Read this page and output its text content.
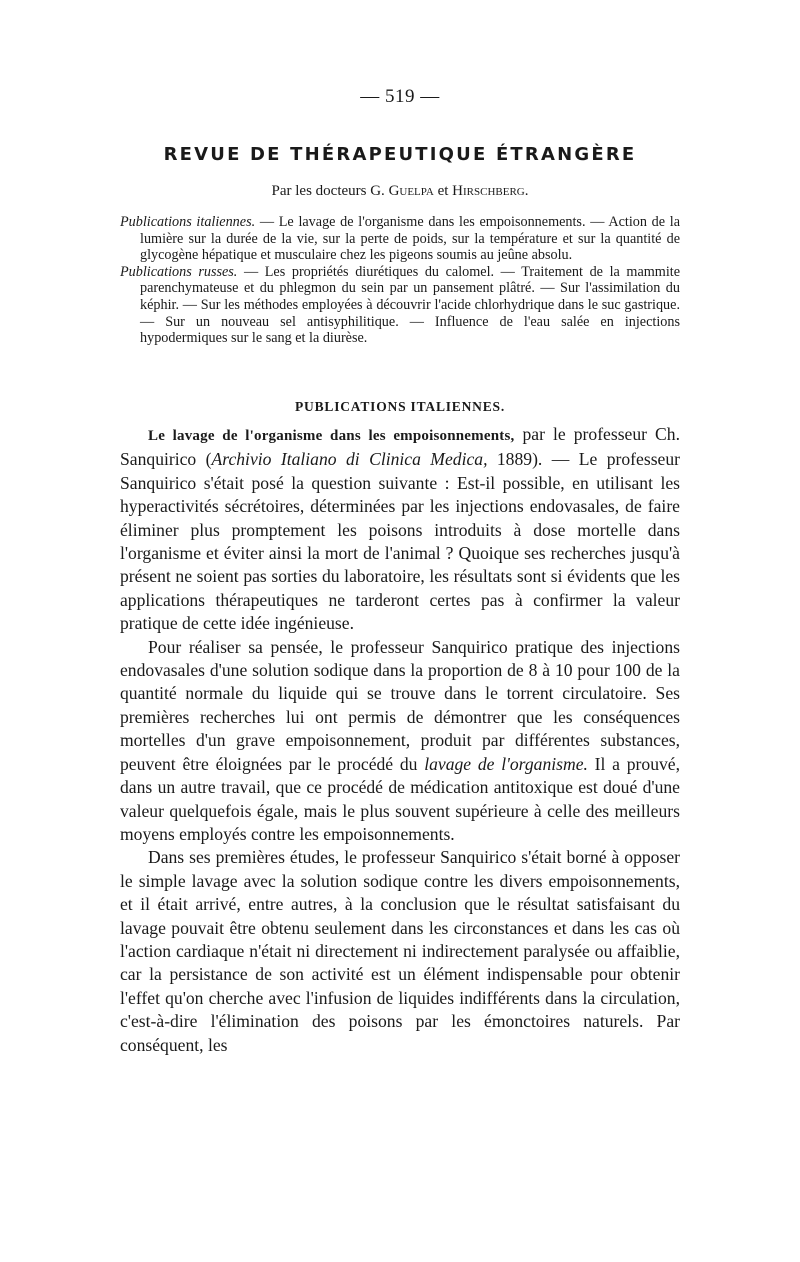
— 519 —
REVUE DE THÉRAPEUTIQUE ÉTRANGÈRE
Par les docteurs G. Guelpa et Hirschberg.

Publications italiennes. — Le lavage de l'organisme dans les empoisonnements. — Action de la lumière sur la durée de la vie, sur la perte de poids, sur la température et sur la quantité de glycogène hépatique et musculaire chez les pigeons soumis au jeûne absolu.

Publications russes. — Les propriétés diurétiques du calomel. — Traitement de la mammite parenchymateuse et du phlegmon du sein par un pansement plâtré. — Sur l'assimilation du képhir. — Sur les méthodes employées à découvrir l'acide chlorhydrique dans le suc gastrique. — Sur un nouveau sel antisyphilitique. — Influence de l'eau salée en injections hypodermiques sur le sang et la diurèse.

PUBLICATIONS ITALIENNES.

Le lavage de l'organisme dans les empoisonnements, par le professeur Ch. Sanquirico (Archivio Italiano di Clinica Medica, 1889). — Le professeur Sanquirico s'était posé la question suivante : Est-il possible, en utilisant les hyperactivités sécrétoires, déterminées par les injections endovasales, de faire éliminer plus promptement les poisons introduits à dose mortelle dans l'organisme et éviter ainsi la mort de l'animal ? Quoique ses recherches jusqu'à présent ne soient pas sorties du laboratoire, les résultats sont si évidents que les applications thérapeutiques ne tarderont certes pas à confirmer la valeur pratique de cette idée ingénieuse.

Pour réaliser sa pensée, le professeur Sanquirico pratique des injections endovasales d'une solution sodique dans la proportion de 8 à 10 pour 100 de la quantité normale du liquide qui se trouve dans le torrent circulatoire. Ses premières recherches lui ont permis de démontrer que les conséquences mortelles d'un grave empoisonnement, produit par différentes substances, peuvent être éloignées par le procédé du lavage de l'organisme. Il a prouvé, dans un autre travail, que ce procédé de médication antitoxique est doué d'une valeur quelquefois égale, mais le plus souvent supérieure à celle des meilleurs moyens employés contre les empoisonnements.

Dans ses premières études, le professeur Sanquirico s'était borné à opposer le simple lavage avec la solution sodique contre les divers empoisonnements, et il était arrivé, entre autres, à la conclusion que le résultat satisfaisant du lavage pouvait être obtenu seulement dans les circonstances et dans les cas où l'action cardiaque n'était ni directement ni indirectement paralysée ou affaiblie, car la persistance de son activité est un élément indispensable pour obtenir l'effet qu'on cherche avec l'infusion de liquides indifférents dans la circulation, c'est-à-dire l'élimination des poisons par les émonctoires naturels. Par conséquent, les
